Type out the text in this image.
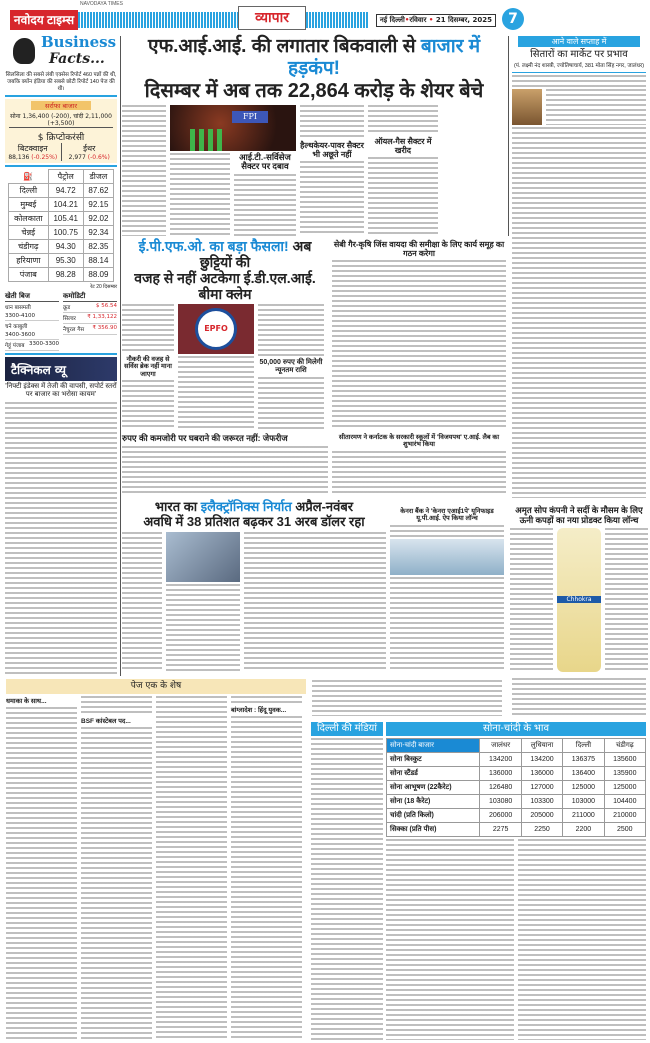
NAVODAYA TIMES
नवोदय टाइम्स	व्यापार	नई दिल्ली•रविवार • 21 दिसम्बर, 2025	7
Business
Facts...
सिलसिला की सबसे लंबी एक्सेस रिपोर्ट 460 पन्नों की थी, जबकि क्योंन इंडिया की सबसे छोटी रिपोर्ट 140 पेज की थी।
सर्राफा बाजार
सोना 1,36,400 (-200), चांदी 2,11,000 (+3,500)
$ क्रिप्टोकरंसी
बिटक्वाइन
88,136 (-0.25%)
ईथर
2,977 (-0.6%)
⛽	पैट्रोल	डीजल
दिल्ली	94.72	87.62
मुम्बई	104.21	92.15
कोलकाता	105.41	92.02
चेन्नई	100.75	92.34
चंडीगढ़	94.30	82.35
हरियाणा	95.30	88.14
पंजाब	98.28	88.09
रेट 20 दिसम्बर
खेती बिज
धान बासमती
3300-4100
चने काबुली
3400-3600
गेहूं पंजाब 3300-3300
कमोडिटी
क्रूड	$ 56.54
सिल्वर ₹ 1,33,122
नैचुरल गैस ₹ 356.90
टैक्निकल व्यू
'निफ्टी इंडेक्स में तेजी की वापसी, सपोर्ट स्तरों पर बाजार का भरोसा कायम'
एफ.आई.आई. की लगातार बिकवाली से बाजार में हड़कंप!
दिसम्बर में अब तक 22,864 करोड़ के शेयर बेचे
FPI
आई.टी.-सर्विसेज सैक्टर पर दबाव
हैल्थकेयर-पावर सैक्टर भी अछूते नहीं
ऑयल-गैस सैक्टर में खरीद
आने वाले सप्ताह में
सितारों का मार्केट पर प्रभाव
(पं. लक्ष्मी नंद शास्त्री, ज्योतिषाचार्य, 381 मोता सिंह नगर, जालंधर)
ई.पी.एफ.ओ. का बड़ा फैसला! अब छुट्टियों की
वजह से नहीं अटकेगा ई.डी.एल.आई. बीमा क्लेम
नौकरी की वजह से सर्विस ब्रेक नहीं माना जाएगा
EPFO
50,000 रुपए की मिलेगी न्यूनतम राशि
सेबी गैर-कृषि जिंस वायदा की समीक्षा के लिए कार्य समूह का गठन करेगा
रुपए की कमजोरी पर घबराने की जरूरत नहीं: जेफरीज	सीतारमण ने कर्नाटक के सरकारी स्कूलों में 'विजयपथ' ए.आई. लैब का शुभारंभ किया
भारत का इलैक्ट्रॉनिक्स निर्यात अप्रैल-नवंबर
अवधि में 38 प्रतिशत बढ़कर 31 अरब डॉलर रहा
केनरा बैंक ने 'केनरा एआई1पे' यूनिफाइड यू.पी.आई. ऐप किया लॉन्च
अमृत सोप कंपनी ने सर्दी के मौसम के लिए ऊनी कपड़ों का नया प्रोडक्ट किया लॉन्च
Chhokra
पेज एक के शेष
धमाका के साथ...
BSF कांस्टेबल पद...
बांग्लादेश : हिंदू युवक...
दिल्ली की मंडियां	सोना-चांदी के भाव
सोना-चांदी बाजार	जालंधर	लुधियाना	दिल्ली	चंडीगढ़
सोना बिस्कुट	134200	134200	136375	135600
सोना स्टैंडर्ड	136000	136000	136400	135900
सोना आभूषण (22कैरेट)	126480	127000	125000	125000
सोना (18 कैरेट)	103080	103300	103000	104400
चांदी (प्रति किलो)	206000	205000	211000	210000
सिक्का (प्रति पीस)	2275	2250	2200	2500
